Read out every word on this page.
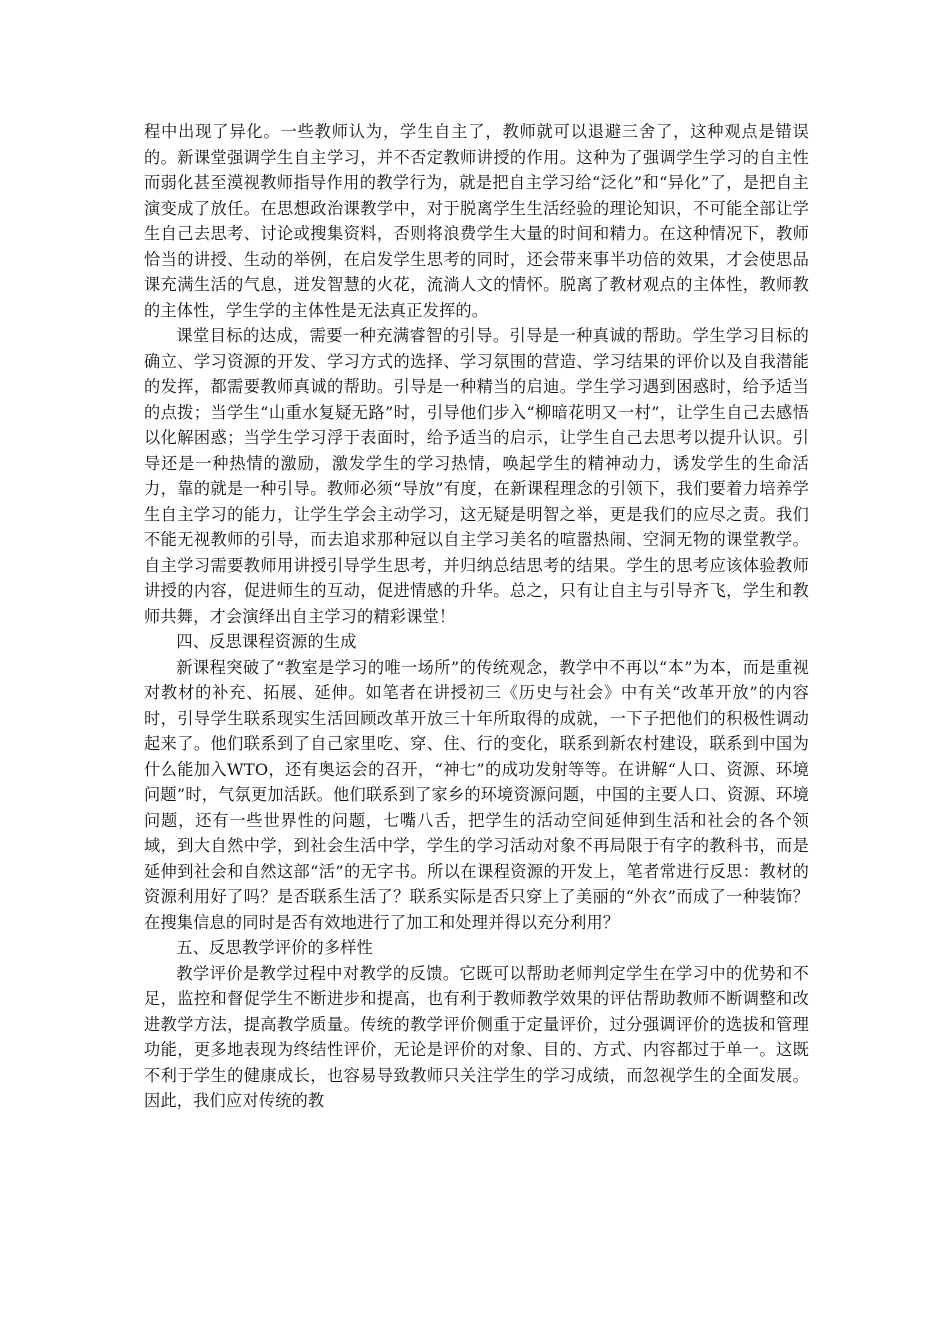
程中出现了异化。一些教师认为，学生自主了，教师就可以退避三舍了，这种观点是错误的。新课堂强调学生自主学习，并不否定教师讲授的作用。这种为了强调学生学习的自主性而弱化甚至漠视教师指导作用的教学行为，就是把自主学习给“泛化”和“异化”了，是把自主演变成了放任。在思想政治课教学中，对于脱离学生生活经验的理论知识，不可能全部让学生自己去思考、讨论或搜集资料，否则将浪费学生大量的时间和精力。在这种情况下，教师恰当的讲授、生动的举例，在启发学生思考的同时，还会带来事半功倍的效果，才会使思品课充满生活的气息，迸发智慧的火花，流淌人文的情怀。脱离了教材观点的主体性，教师教的主体性，学生学的主体性是无法真正发挥的。

课堂目标的达成，需要一种充满睿智的引导。引导是一种真诚的帮助。学生学习目标的确立、学习资源的开发、学习方式的选择、学习氛围的营造、学习结果的评价以及自我潜能的发挥，都需要教师真诚的帮助。引导是一种精当的启迪。学生学习遇到困惑时，给予适当的点拨；当学生“山重水复疑无路”时，引导他们步入“柳暗花明又一村”，让学生自己去感悟以化解困惑；当学生学习浮于表面时，给予适当的启示，让学生自己去思考以提升认识。引导还是一种热情的激励，激发学生的学习热情，唤起学生的精神动力，诱发学生的生命活力，靠的就是一种引导。教师必须“导放”有度，在新课程理念的引领下，我们要着力培养学生自主学习的能力，让学生学会主动学习，这无疑是明智之举，更是我们的应尽之责。我们不能无视教师的引导，而去追求那种冠以自主学习美名的喧嚣热闹、空洞无物的课堂教学。自主学习需要教师用讲授引导学生思考，并归纳总结思考的结果。学生的思考应该体验教师讲授的内容，促进师生的互动，促进情感的升华。总之，只有让自主与引导齐飞，学生和教师共舞，才会演绎出自主学习的精彩课堂！

四、反思课程资源的生成

新课程突破了“教室是学习的唯一场所”的传统观念，教学中不再以“本”为本，而是重视对教材的补充、拓展、延伸。如笔者在讲授初三《历史与社会》中有关“改革开放”的内容时，引导学生联系现实生活回顾改革开放三十年所取得的成就，一下子把他们的积极性调动起来了。他们联系到了自己家里吃、穿、住、行的变化，联系到新农村建设，联系到中国为什么能加入WTO，还有奥运会的召开，“神七”的成功发射等等。在讲解“人口、资源、环境问题”时，气氛更加活跃。他们联系到了家乡的环境资源问题，中国的主要人口、资源、环境问题，还有一些世界性的问题，七嘴八舌，把学生的活动空间延伸到生活和社会的各个领域，到大自然中学，到社会生活中学，学生的学习活动对象不再局限于有字的教科书，而是延伸到社会和自然这部“活”的无字书。所以在课程资源的开发上，笔者常进行反思：教材的资源利用好了吗？是否联系生活了？联系实际是否只穿上了美丽的“外衣”而成了一种装饰？在搜集信息的同时是否有效地进行了加工和处理并得以充分利用？

五、反思教学评价的多样性

教学评价是教学过程中对教学的反馈。它既可以帮助老师判定学生在学习中的优势和不足，监控和督促学生不断进步和提高，也有利于教师教学效果的评估帮助教师不断调整和改进教学方法，提高教学质量。传统的教学评价侧重于定量评价，过分强调评价的选拔和管理功能，更多地表现为终结性评价，无论是评价的对象、目的、方式、内容都过于单一。这既不利于学生的健康成长，也容易导致教师只关注学生的学习成绩，而忽视学生的全面发展。因此，我们应对传统的教
